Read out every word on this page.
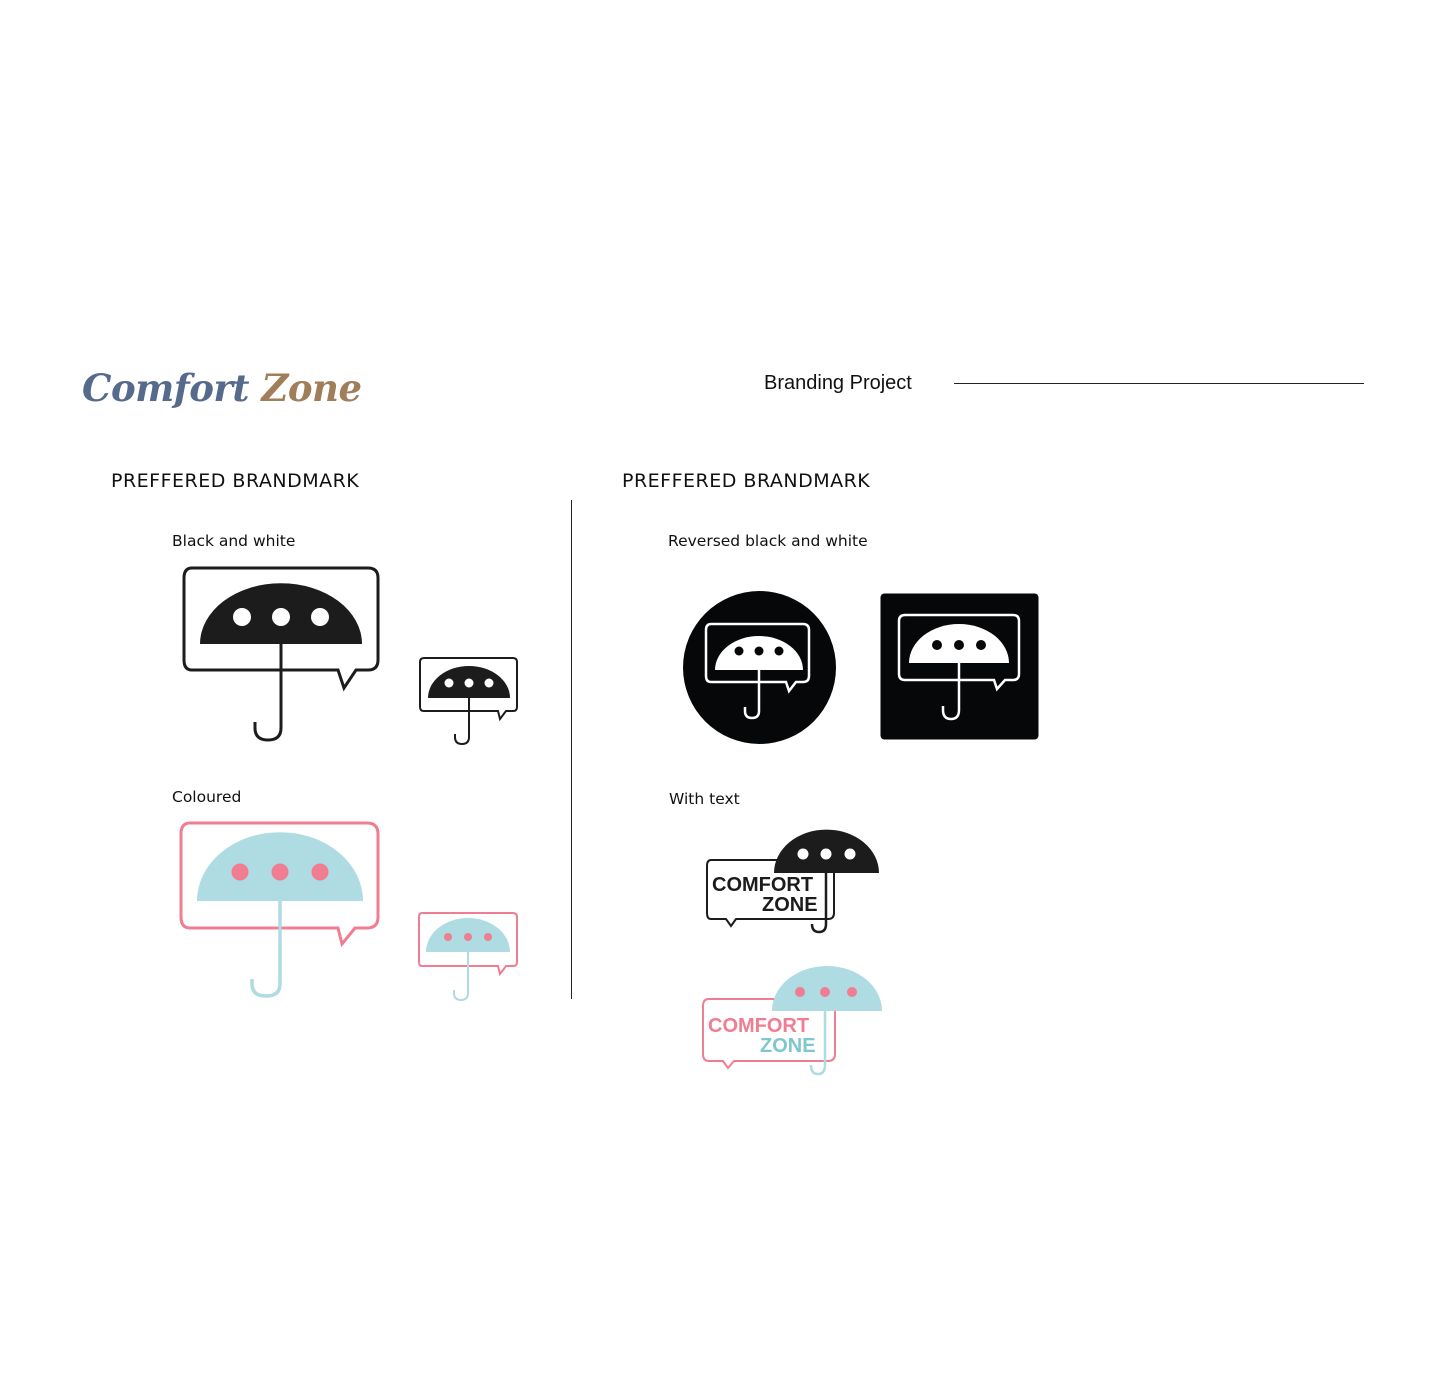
Comfort Zone	Branding Project
PREFFERED BRANDMARK
Black and white
Coloured
PREFFERED BRANDMARK
Reversed black and white
With text
COMFORT
ZONE
COMFORT
ZONE
